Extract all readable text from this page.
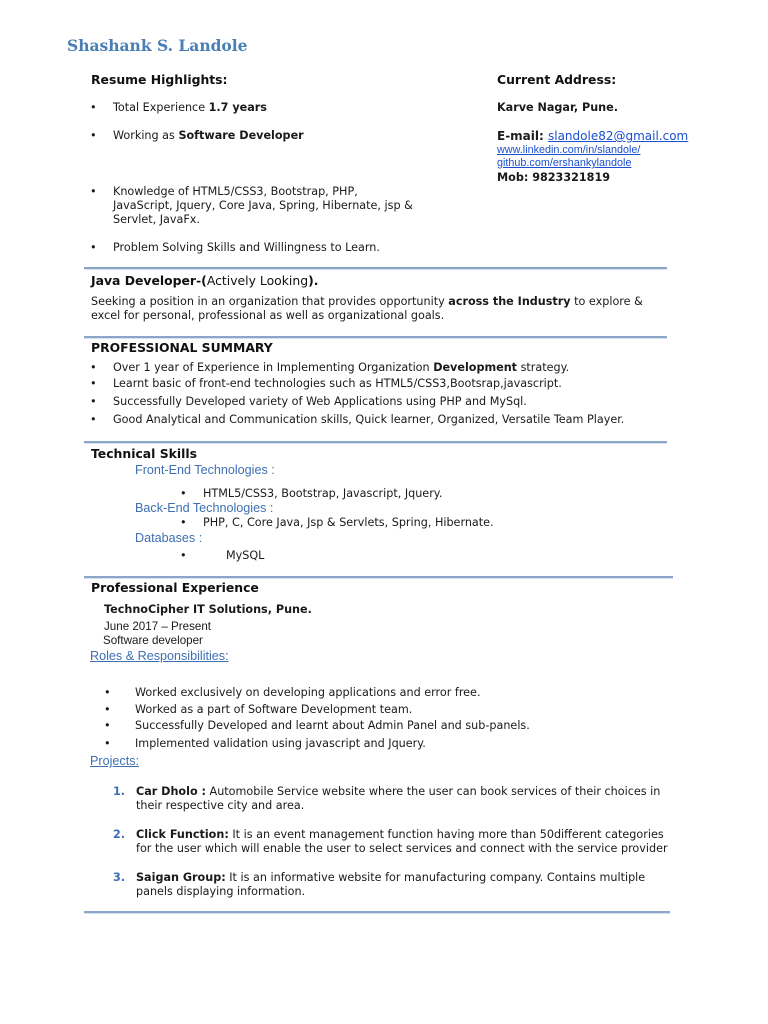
Shashank S. Landole
Resume Highlights:
• Total Experience 1.7 years
• Working as Software Developer
• Knowledge of HTML5/CSS3, Bootstrap, PHP, JavaScript, Jquery, Core Java, Spring, Hibernate, jsp & Servlet, JavaFx.
• Problem Solving Skills and Willingness to Learn.
Current Address:
Karve Nagar, Pune.
E-mail: slandole82@gmail.com
www.linkedin.com/in/slandole/
github.com/ershankylandole
Mob: 9823321819
Java Developer-(Actively Looking).
Seeking a position in an organization that provides opportunity across the Industry to explore & excel for personal, professional as well as organizational goals.
PROFESSIONAL SUMMARY
• Over 1 year of Experience in Implementing Organization Development strategy.
• Learnt basic of front-end technologies such as HTML5/CSS3,Bootsrap,javascript.
• Successfully Developed variety of Web Applications using PHP and MySql.
• Good Analytical and Communication skills, Quick learner, Organized, Versatile Team Player.
Technical Skills
Front-End Technologies :
• HTML5/CSS3, Bootstrap, Javascript, Jquery.
Back-End Technologies :
• PHP, C, Core Java, Jsp & Servlets, Spring, Hibernate.
Databases :
•	MySQL
Professional Experience
TechnoCipher IT Solutions, Pune.
June 2017 – Present
Software developer
Roles & Responsibilities:
• Worked exclusively on developing applications and error free.
• Worked as a part of Software Development team.
• Successfully Developed and learnt about Admin Panel and sub-panels.
• Implemented validation using javascript and Jquery.
Projects:
1. Car Dholo : Automobile Service website where the user can book services of their choices in
their respective city and area.
2. Click Function: It is an event management function having more than 50different categories
for the user which will enable the user to select services and connect with the service provider
3. Saigan Group: It is an informative website for manufacturing company. Contains multiple
panels displaying information.
